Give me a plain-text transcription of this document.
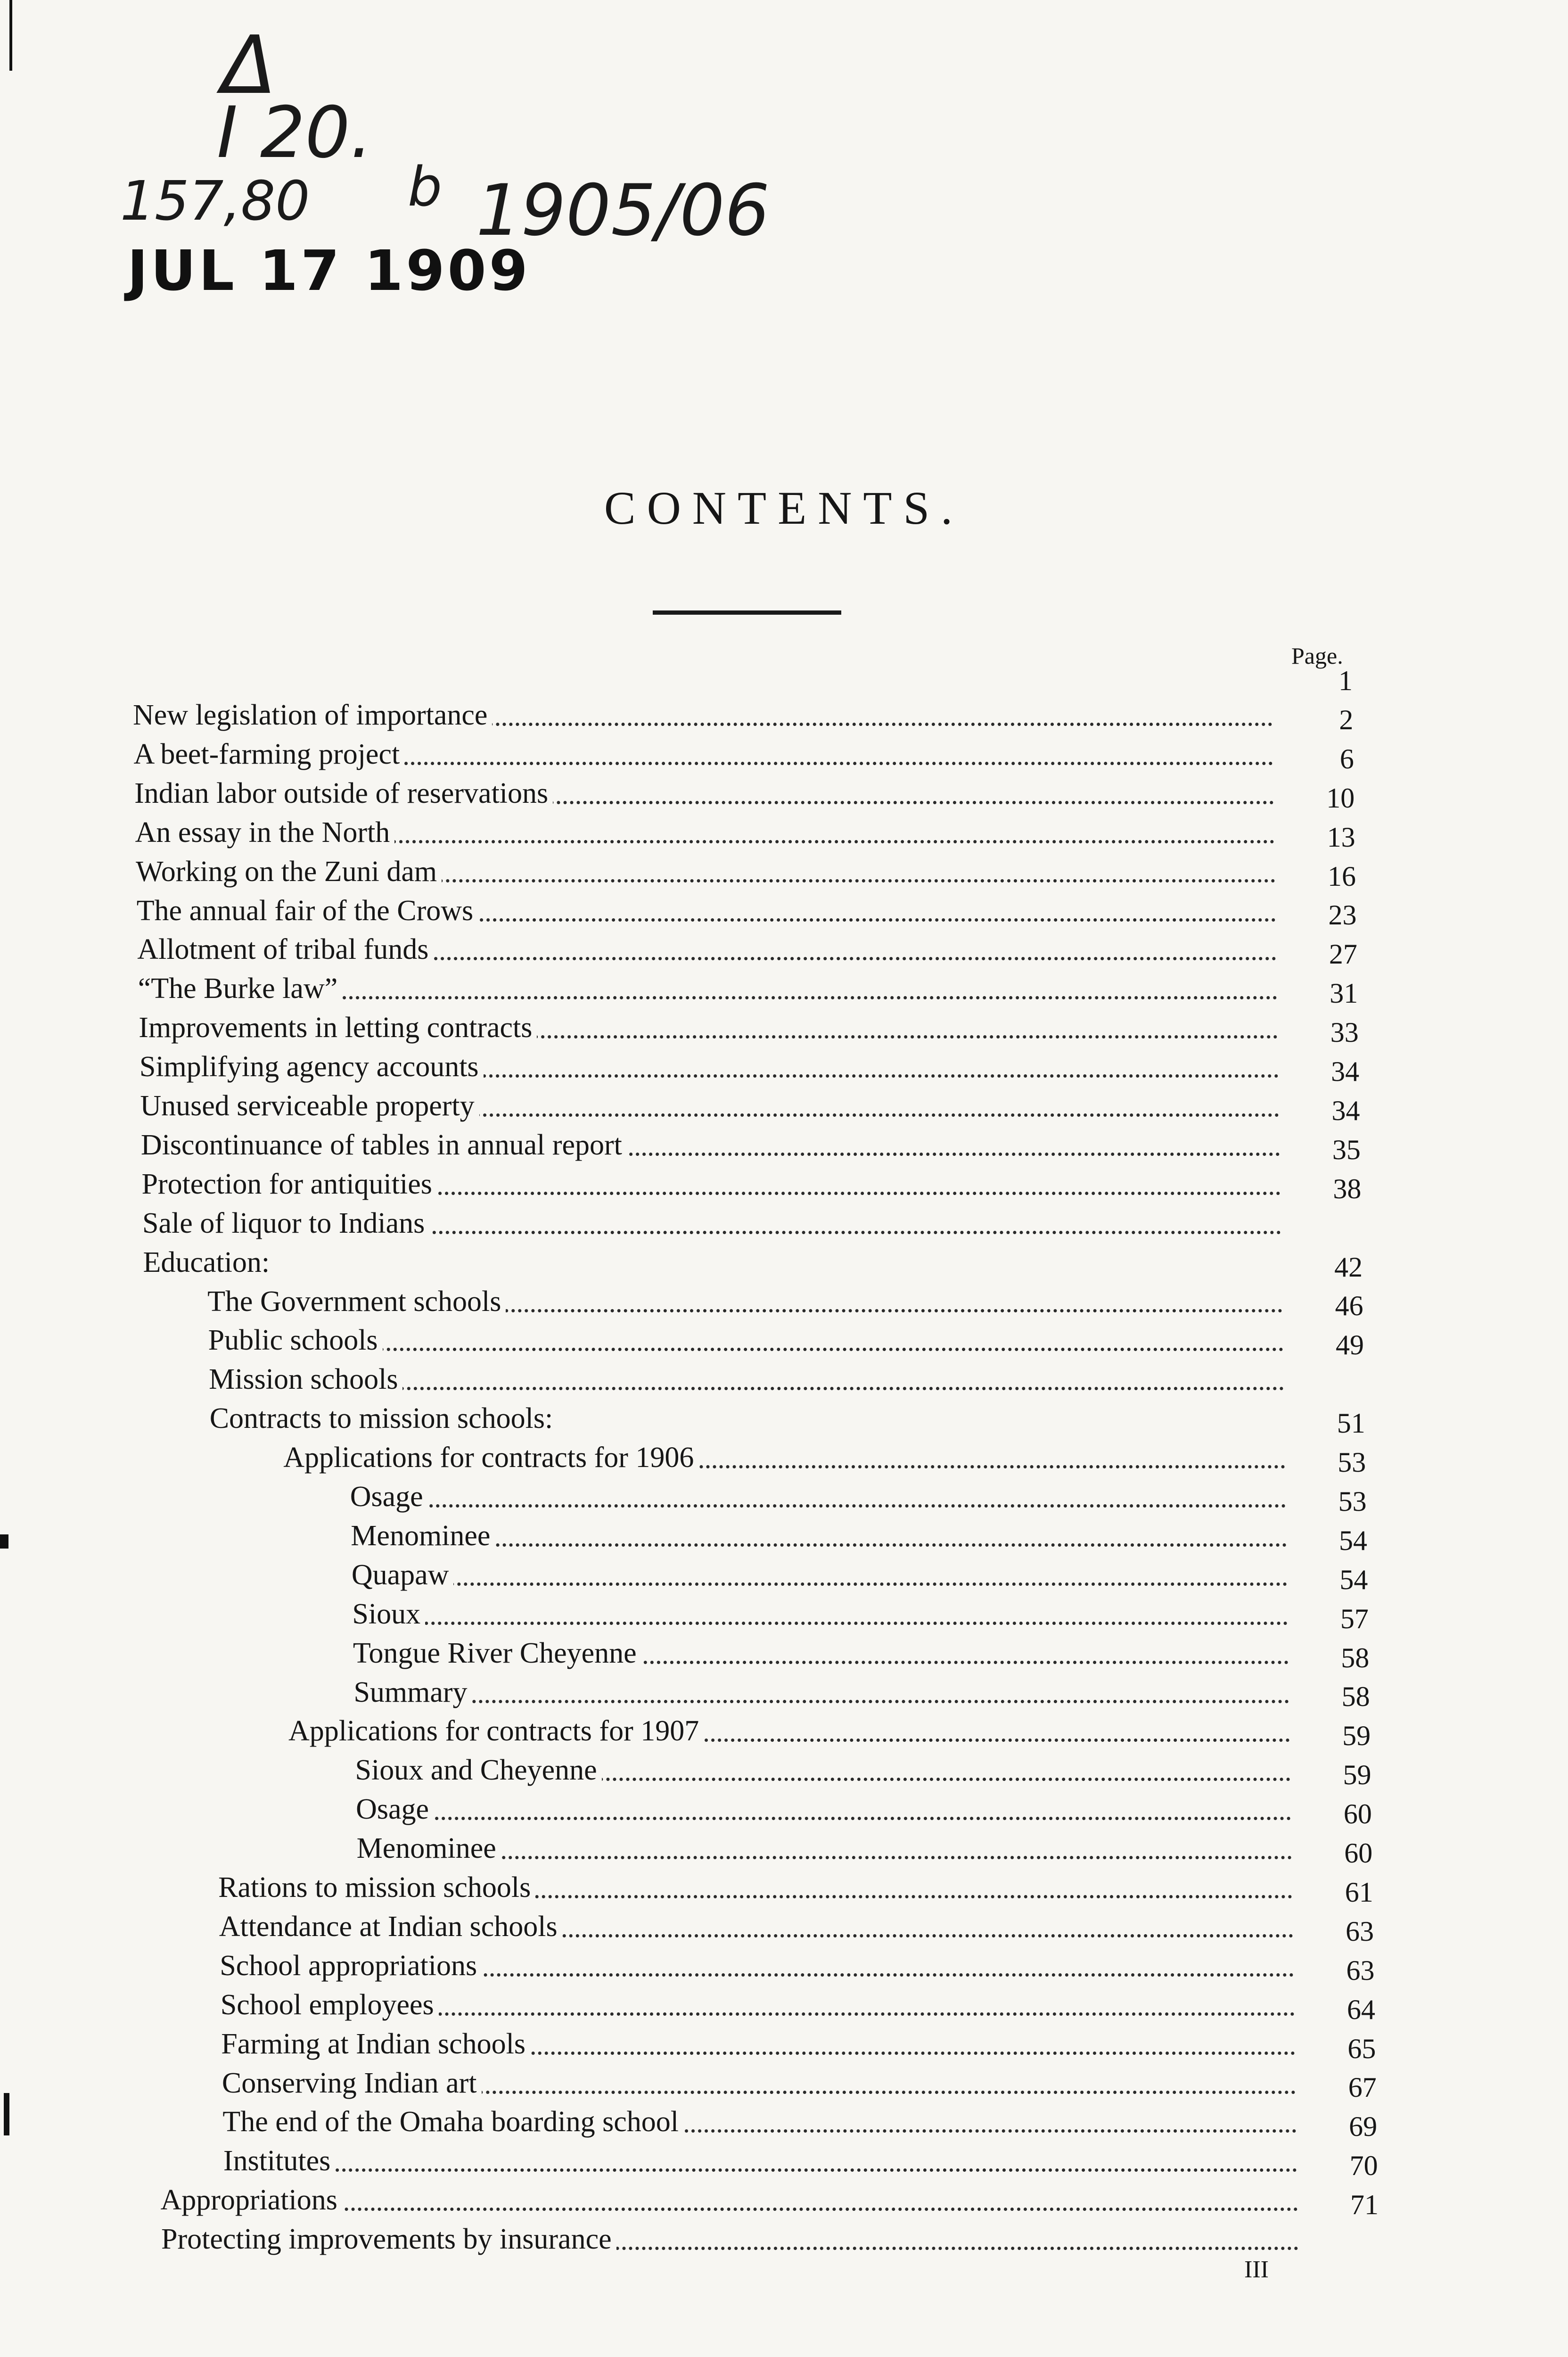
Δ
I 20.
157,80 b 1905/06
JUL 17 1909
CONTENTS.
Page.
New legislation of importance
1
A beet-farming project
2
Indian labor outside of reservations
6
An essay in the North
10
Working on the Zuni dam
13
The annual fair of the Crows
16
Allotment of tribal funds
23
“The Burke law”
27
Improvements in letting contracts
31
Simplifying agency accounts
33
Unused serviceable property
34
Discontinuance of tables in annual report
34
Protection for antiquities
35
Sale of liquor to Indians
38
Education:
The Government schools
42
Public schools
46
Mission schools
49
Contracts to mission schools:
Applications for contracts for 1906
51
Osage
53
Menominee
53
Quapaw
54
Sioux
54
Tongue River Cheyenne
57
Summary
58
Applications for contracts for 1907
58
Sioux and Cheyenne
59
Osage
59
Menominee
60
Rations to mission schools
60
Attendance at Indian schools
61
School appropriations
63
School employees
63
Farming at Indian schools
64
Conserving Indian art
65
The end of the Omaha boarding school
67
Institutes
69
Appropriations
70
Protecting improvements by insurance
71
III
